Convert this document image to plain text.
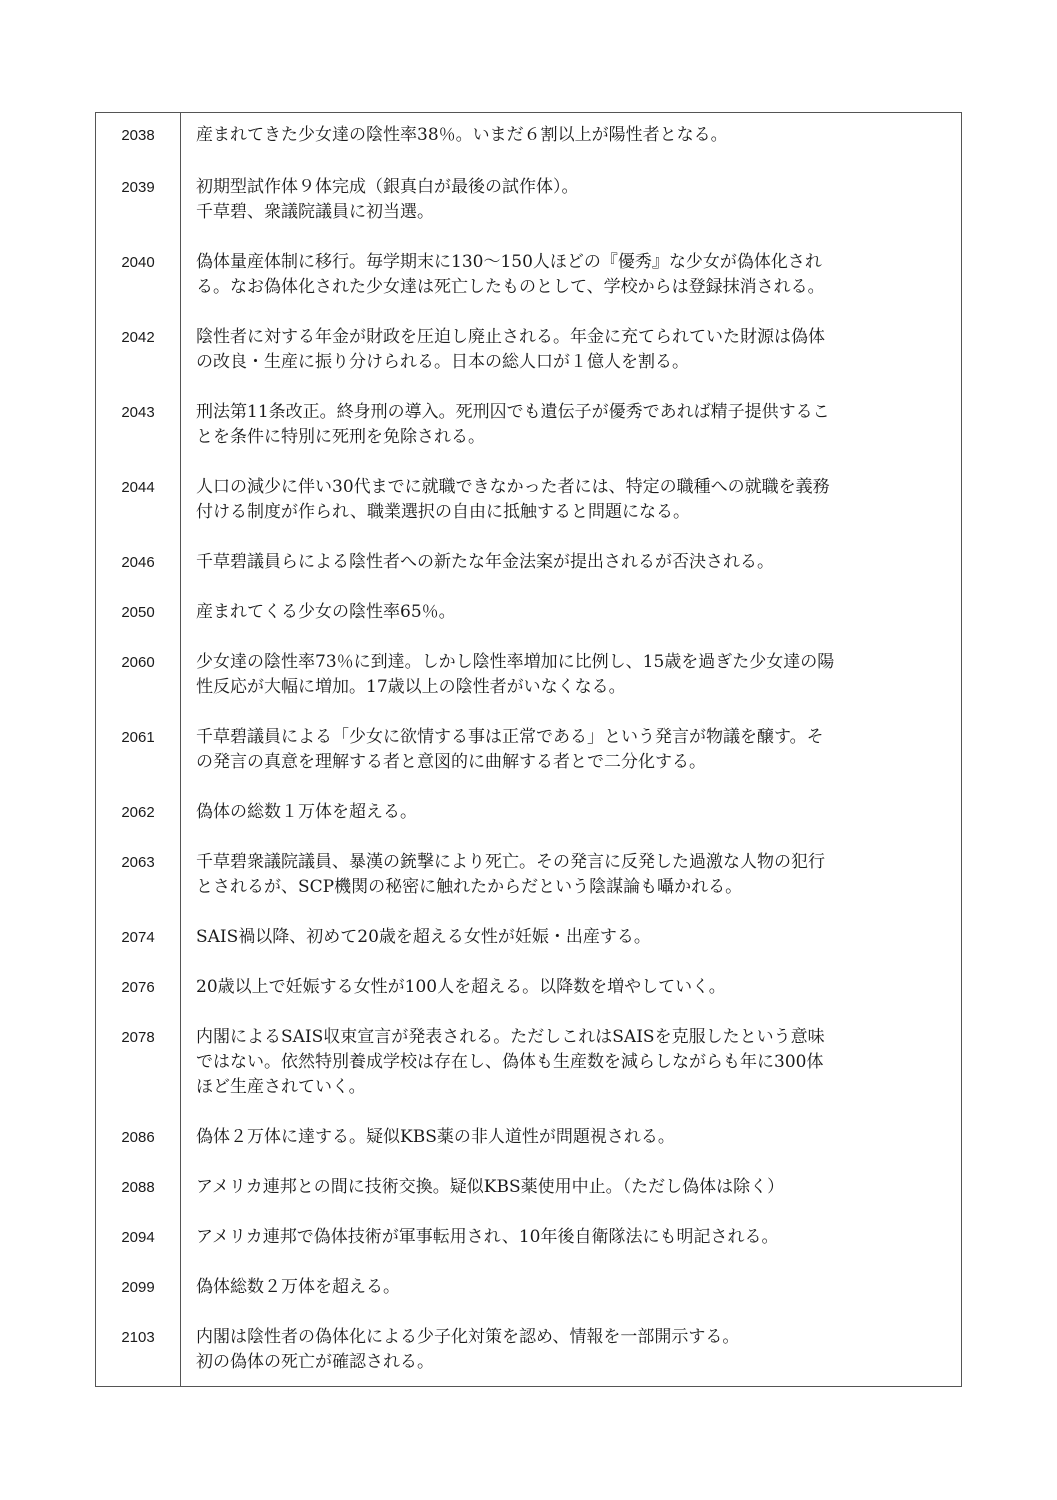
2038	産まれてきた少女達の陰性率38％。いまだ６割以上が陽性者となる。
2039	初期型試作体９体完成（銀真白が最後の試作体）。
千草碧、衆議院議員に初当選。
2040	偽体量産体制に移行。毎学期末に130～150人ほどの『優秀』な少女が偽体化され
る。なお偽体化された少女達は死亡したものとして、学校からは登録抹消される。
2042	陰性者に対する年金が財政を圧迫し廃止される。年金に充てられていた財源は偽体
の改良・生産に振り分けられる。日本の総人口が１億人を割る。
2043	刑法第11条改正。終身刑の導入。死刑囚でも遺伝子が優秀であれば精子提供するこ
とを条件に特別に死刑を免除される。
2044	人口の減少に伴い30代までに就職できなかった者には、特定の職種への就職を義務
付ける制度が作られ、職業選択の自由に抵触すると問題になる。
2046	千草碧議員らによる陰性者への新たな年金法案が提出されるが否決される。
2050	産まれてくる少女の陰性率65％。
2060	少女達の陰性率73％に到達。しかし陰性率増加に比例し、15歳を過ぎた少女達の陽
性反応が大幅に増加。17歳以上の陰性者がいなくなる。
2061	千草碧議員による「少女に欲情する事は正常である」という発言が物議を醸す。そ
の発言の真意を理解する者と意図的に曲解する者とで二分化する。
2062	偽体の総数１万体を超える。
2063	千草碧衆議院議員、暴漢の銃撃により死亡。その発言に反発した過激な人物の犯行
とされるが、SCP機関の秘密に触れたからだという陰謀論も囁かれる。
2074	SAIS禍以降、初めて20歳を超える女性が妊娠・出産する。
2076	20歳以上で妊娠する女性が100人を超える。以降数を増やしていく。
2078	内閣によるSAIS収束宣言が発表される。ただしこれはSAISを克服したという意味
ではない。依然特別養成学校は存在し、偽体も生産数を減らしながらも年に300体
ほど生産されていく。
2086	偽体２万体に達する。疑似KBS薬の非人道性が問題視される。
2088	アメリカ連邦との間に技術交換。疑似KBS薬使用中止。（ただし偽体は除く）
2094	アメリカ連邦で偽体技術が軍事転用され、10年後自衛隊法にも明記される。
2099	偽体総数２万体を超える。
2103	内閣は陰性者の偽体化による少子化対策を認め、情報を一部開示する。
初の偽体の死亡が確認される。
